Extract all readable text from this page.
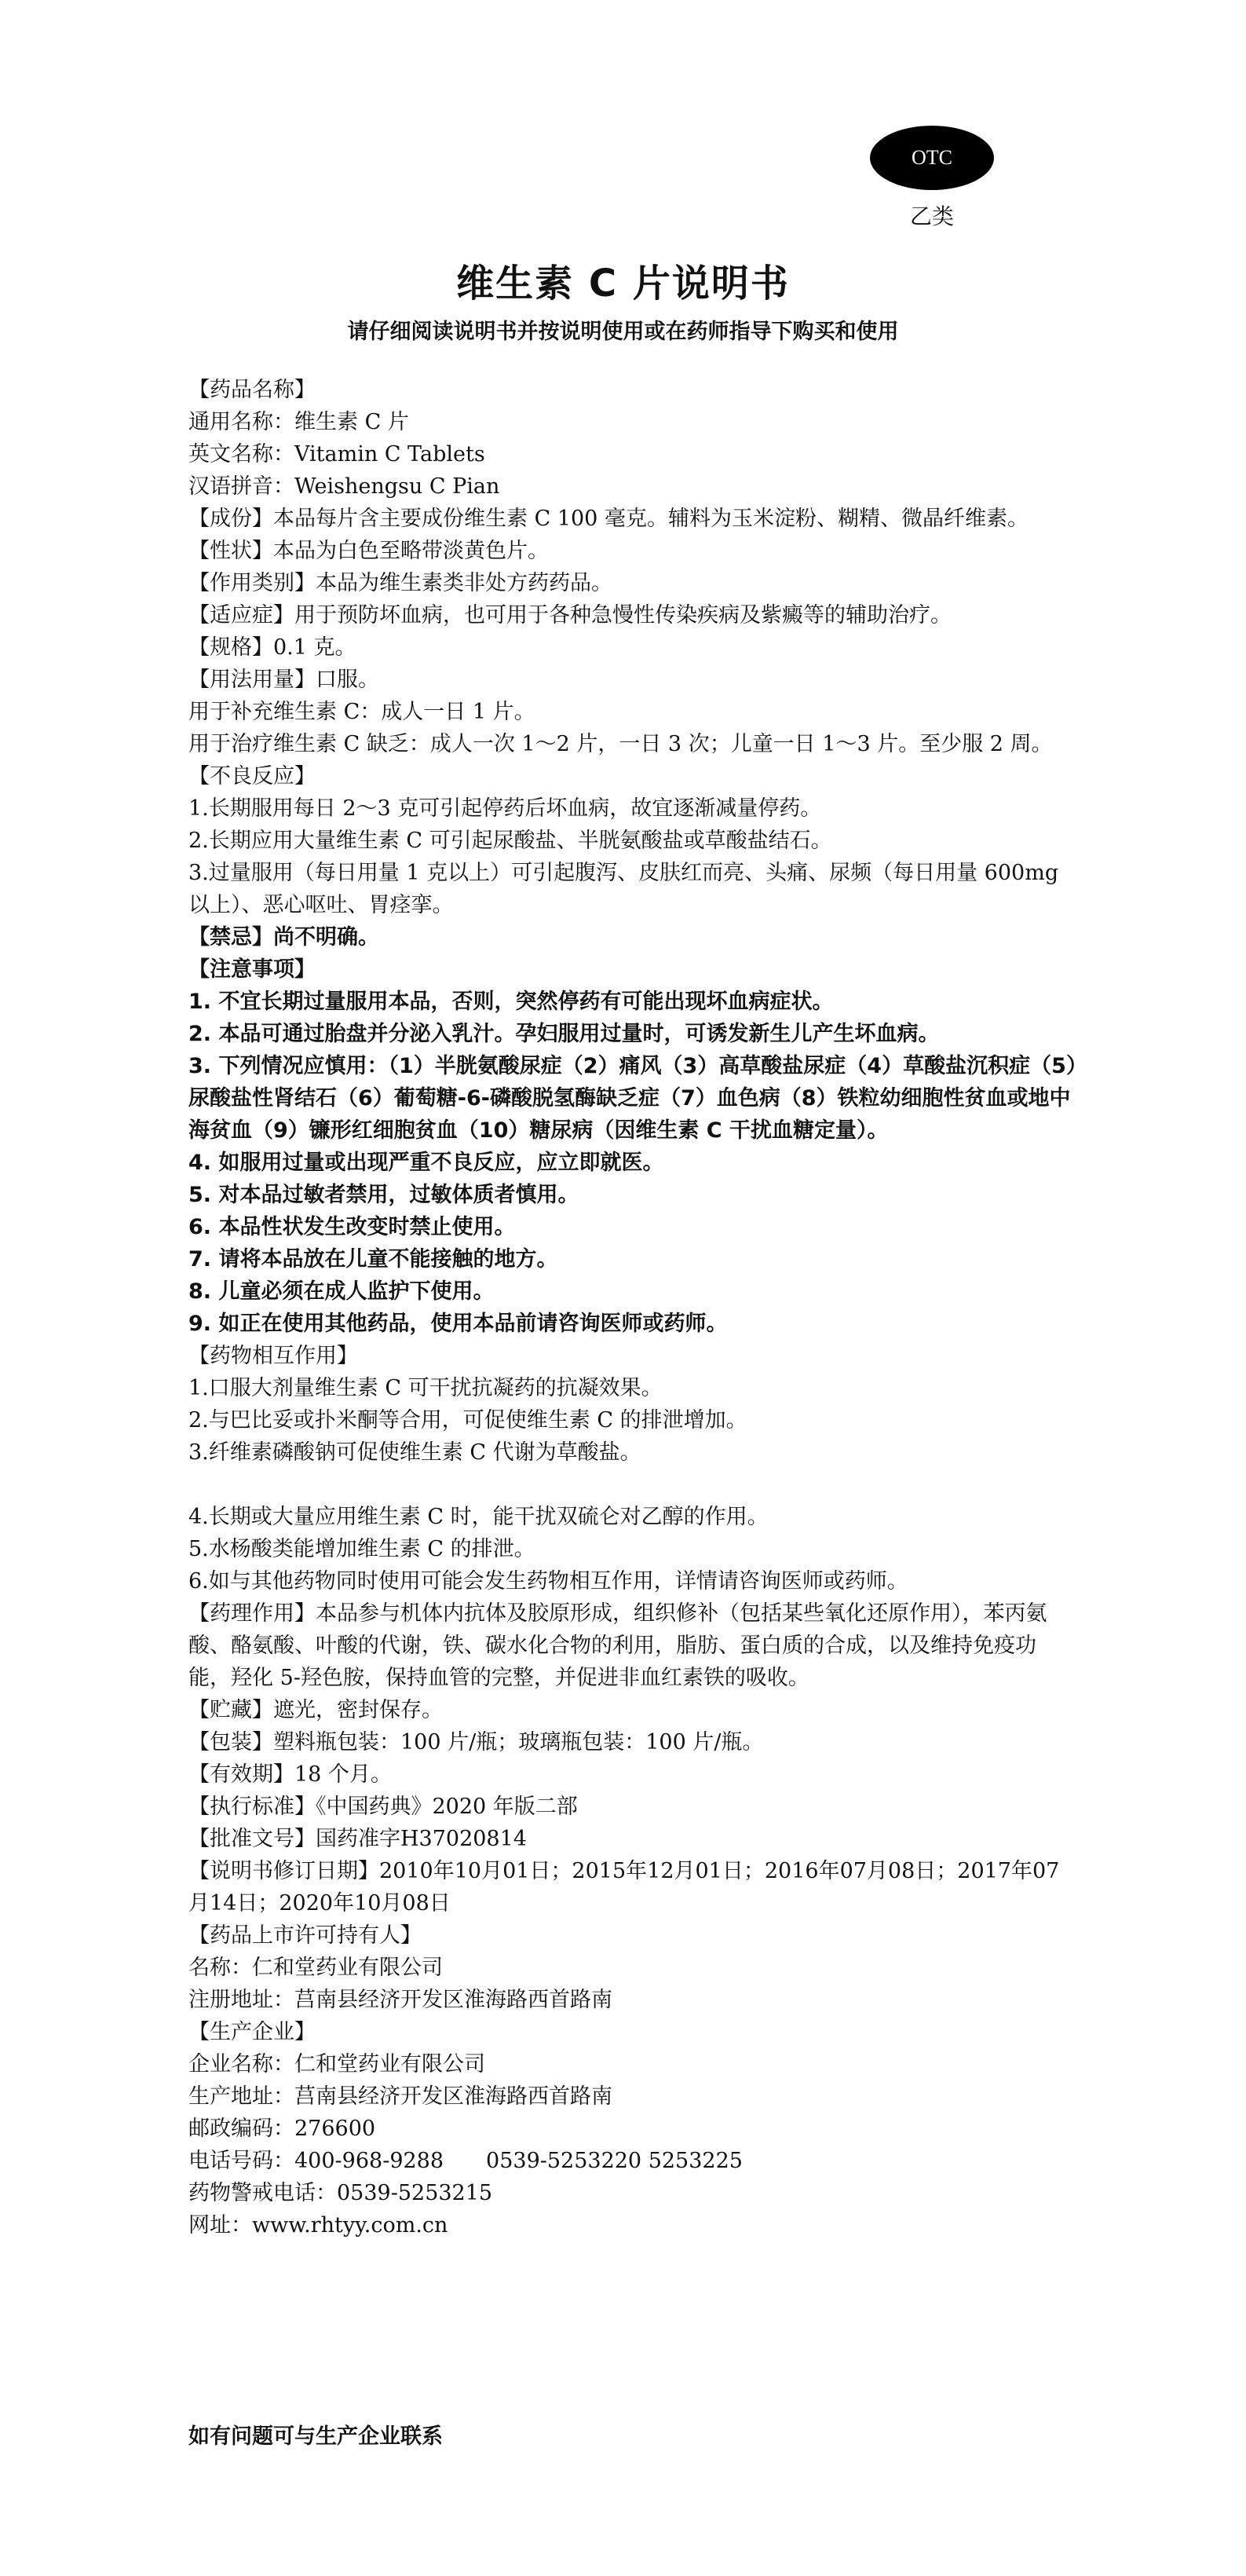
OTC
乙类
维生素 C 片说明书
请仔细阅读说明书并按说明使用或在药师指导下购买和使用

【药品名称】

通用名称：维生素 C 片

英文名称：Vitamin C Tablets

汉语拼音：Weishengsu C Pian

【成份】本品每片含主要成份维生素 C 100 毫克。辅料为玉米淀粉、糊精、微晶纤维素。

【性状】本品为白色至略带淡黄色片。

【作用类别】本品为维生素类非处方药药品。

【适应症】用于预防坏血病，也可用于各种急慢性传染疾病及紫癜等的辅助治疗。

【规格】0.1 克。

【用法用量】口服。

用于补充维生素 C：成人一日 1 片。

用于治疗维生素 C 缺乏：成人一次 1～2 片，一日 3 次；儿童一日 1～3 片。至少服 2 周。

【不良反应】

1.长期服用每日 2～3 克可引起停药后坏血病，故宜逐渐减量停药。

2.长期应用大量维生素 C 可引起尿酸盐、半胱氨酸盐或草酸盐结石。

3.过量服用（每日用量 1 克以上）可引起腹泻、皮肤红而亮、头痛、尿频（每日用量 600mg 以上）、恶心呕吐、胃痉挛。

【禁忌】尚不明确。

【注意事项】

1. 不宜长期过量服用本品，否则，突然停药有可能出现坏血病症状。

2. 本品可通过胎盘并分泌入乳汁。孕妇服用过量时，可诱发新生儿产生坏血病。

3. 下列情况应慎用：（1）半胱氨酸尿症（2）痛风（3）高草酸盐尿症（4）草酸盐沉积症（5）尿酸盐性肾结石（6）葡萄糖-6-磷酸脱氢酶缺乏症（7）血色病（8）铁粒幼细胞性贫血或地中海贫血（9）镰形红细胞贫血（10）糖尿病（因维生素 C 干扰血糖定量）。

4. 如服用过量或出现严重不良反应，应立即就医。

5. 对本品过敏者禁用，过敏体质者慎用。

6. 本品性状发生改变时禁止使用。

7. 请将本品放在儿童不能接触的地方。

8. 儿童必须在成人监护下使用。

9. 如正在使用其他药品，使用本品前请咨询医师或药师。

【药物相互作用】

1.口服大剂量维生素 C 可干扰抗凝药的抗凝效果。

2.与巴比妥或扑米酮等合用，可促使维生素 C 的排泄增加。

3.纤维素磷酸钠可促使维生素 C 代谢为草酸盐。

4.长期或大量应用维生素 C 时，能干扰双硫仑对乙醇的作用。

5.水杨酸类能增加维生素 C 的排泄。

6.如与其他药物同时使用可能会发生药物相互作用，详情请咨询医师或药师。

【药理作用】本品参与机体内抗体及胶原形成，组织修补（包括某些氧化还原作用），苯丙氨酸、酪氨酸、叶酸的代谢，铁、碳水化合物的利用，脂肪、蛋白质的合成，以及维持免疫功能，羟化 5-羟色胺，保持血管的完整，并促进非血红素铁的吸收。

【贮藏】遮光，密封保存。

【包装】塑料瓶包装：100 片/瓶；玻璃瓶包装：100 片/瓶。

【有效期】18 个月。

【执行标准】《中国药典》2020 年版二部

【批准文号】国药准字H37020814

【说明书修订日期】2010年10月01日；2015年12月01日；2016年07月08日；2017年07月14日；2020年10月08日

【药品上市许可持有人】

名称：仁和堂药业有限公司

注册地址：莒南县经济开发区淮海路西首路南

【生产企业】

企业名称：仁和堂药业有限公司

生产地址：莒南县经济开发区淮海路西首路南

邮政编码：276600

电话号码：400-968-9288　　0539-5253220 5253225

药物警戒电话：0539-5253215

网址：www.rhtyy.com.cn

如有问题可与生产企业联系
